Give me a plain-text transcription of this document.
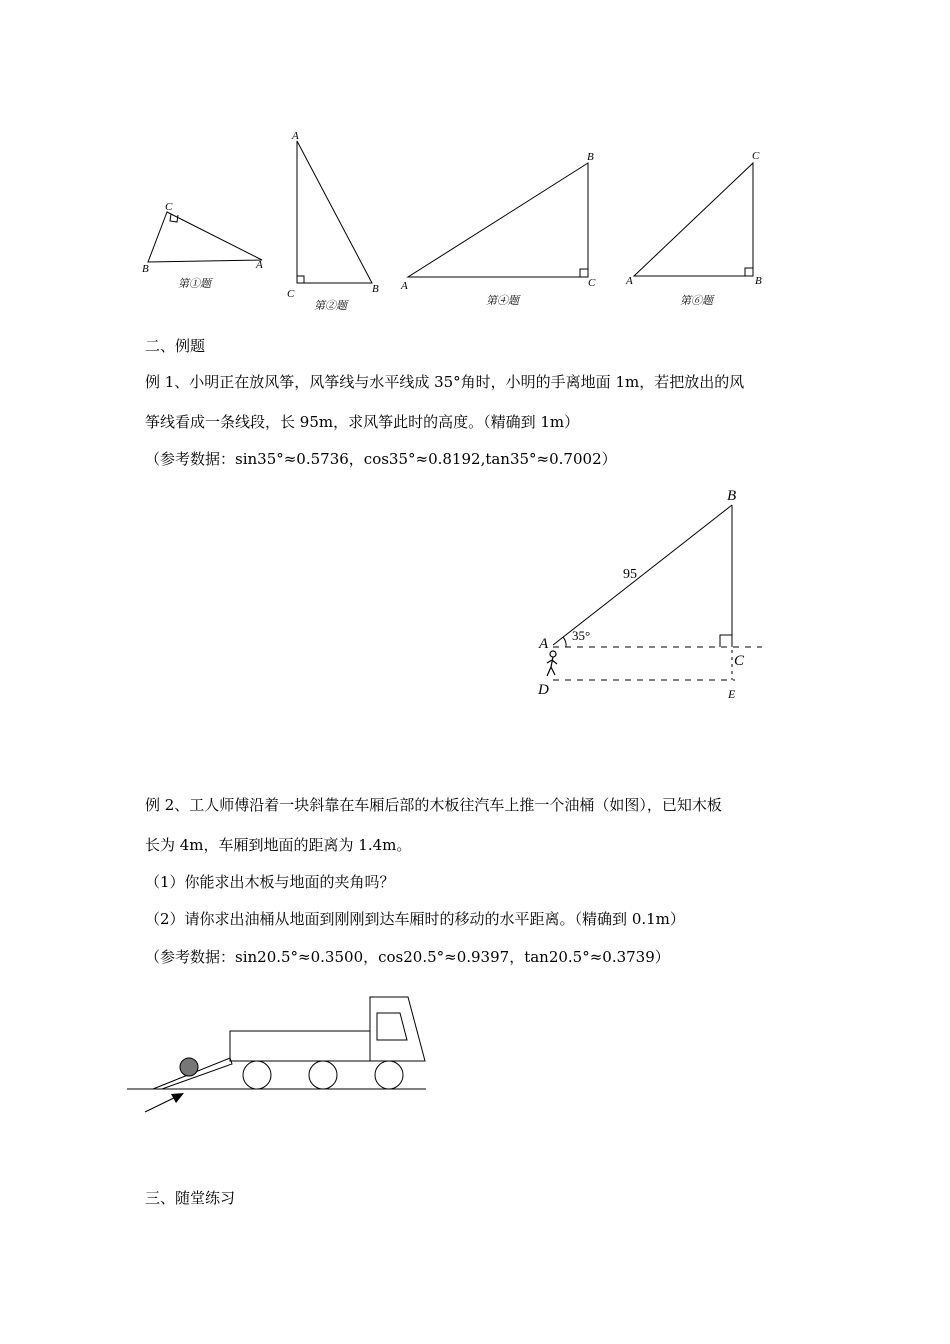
C
B	A
第①题
A
C	B
第②题
B
A	C
第④题
C
A	B
第⑥题
二、例题
例 1、小明正在放风筝，风筝线与水平线成 35°角时，小明的手离地面 1m，若把放出的风
筝线看成一条线段，长 95m，求风筝此时的高度。（精确到 1m）
（参考数据：sin35°≈0.5736，cos35°≈0.8192,tan35°≈0.7002）
B
A
C
D	E
95
35°
例 2、工人师傅沿着一块斜靠在车厢后部的木板往汽车上推一个油桶（如图），已知木板
长为 4m，车厢到地面的距离为 1.4m。
（1）你能求出木板与地面的夹角吗？
（2）请你求出油桶从地面到刚刚到达车厢时的移动的水平距离。（精确到 0.1m）
（参考数据：sin20.5°≈0.3500，cos20.5°≈0.9397，tan20.5°≈0.3739）
三、随堂练习
